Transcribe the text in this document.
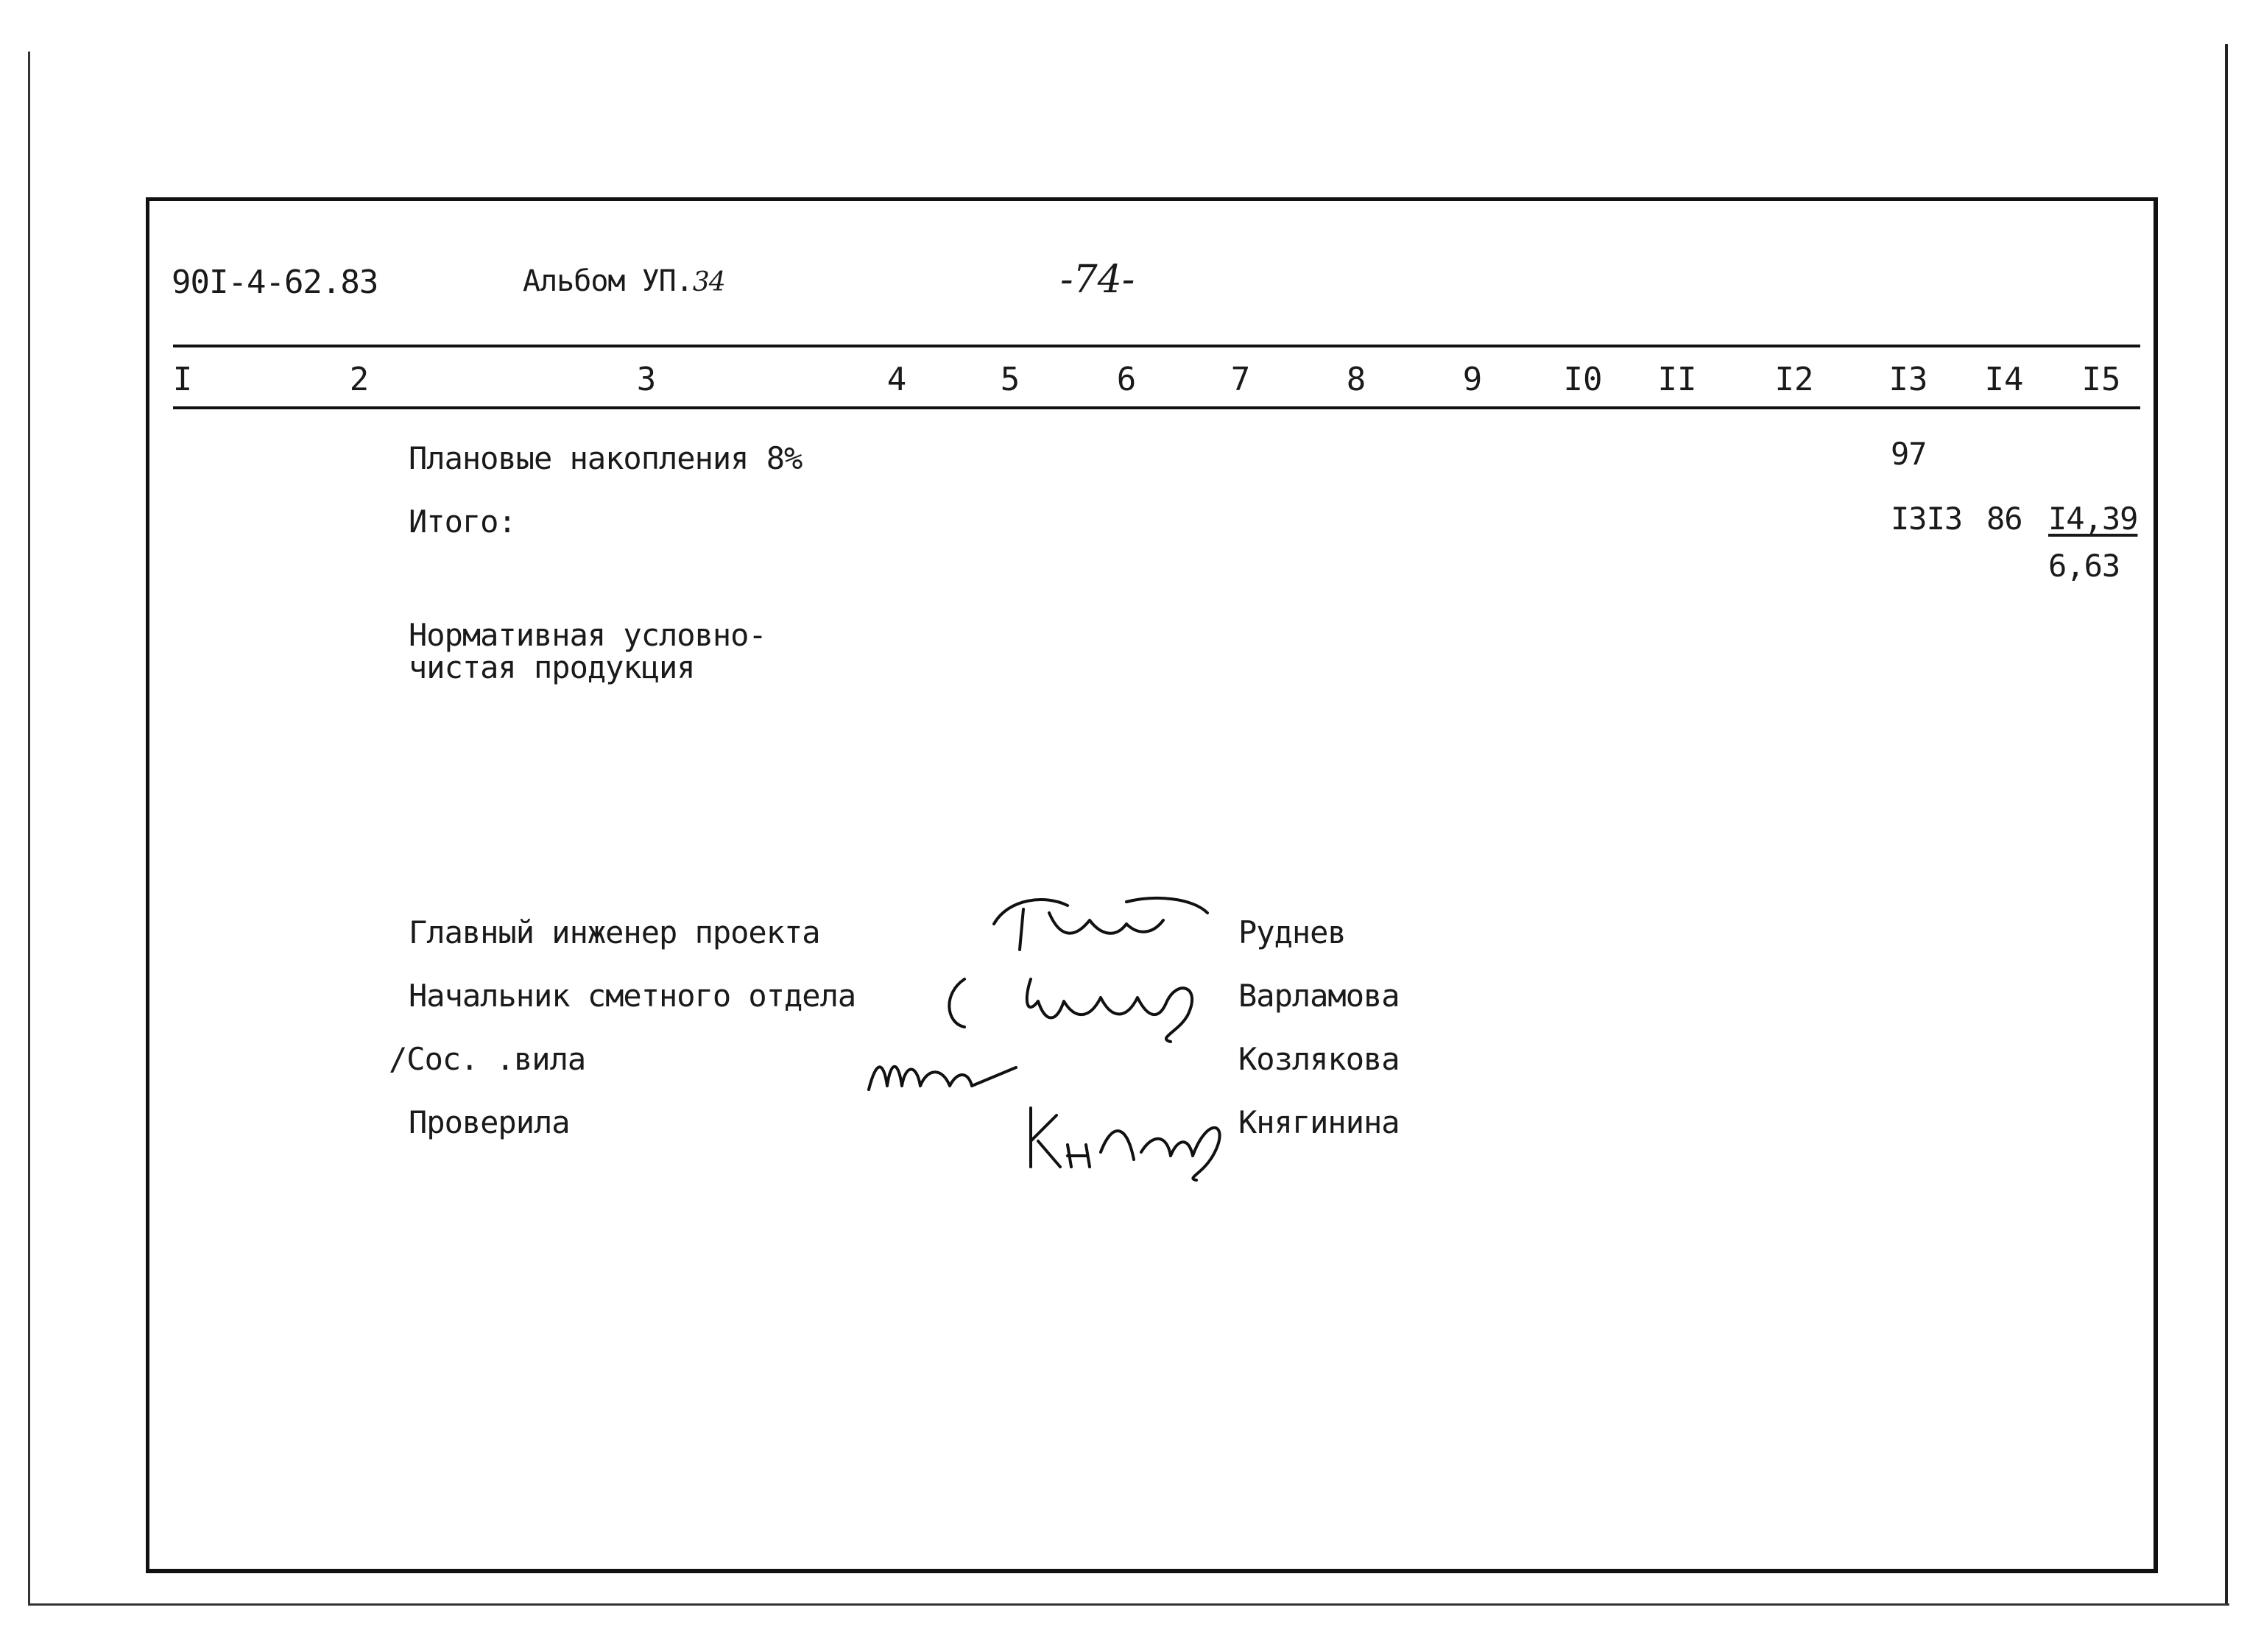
90I-4-62.83	Альбом УП.34	-74-
I	2	3	4	5	6	7	8	9	I0 II I2 I3 I4 I5
Плановые накопления 8%	97
Итого:	I3I3 86 I4,39
6,63
Нормативная условно-
чистая продукция
Главный инженер проекта	Руднев
Начальник сметного отдела	Варламова
/Сос. .вила	Козлякова
Проверила	Княгинина
